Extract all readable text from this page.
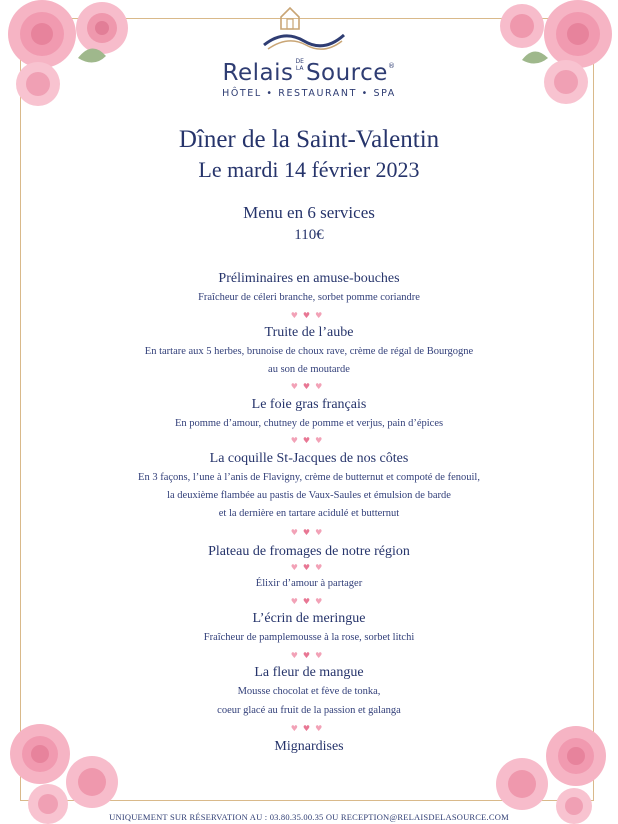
Relais DE
LA Source®
HÔTEL • RESTAURANT • SPA
Dîner de la Saint-Valentin
Le mardi 14 février 2023
Menu en 6 services
110€
Préliminaires en amuse-bouches
Fraîcheur de céleri branche, sorbet pomme coriandre
♥♥♥
Truite de l’aube
En tartare aux 5 herbes, brunoise de choux rave, crème de régal de Bourgogne
au son de moutarde
♥♥♥
Le foie gras français
En pomme d’amour, chutney de pomme et verjus, pain d’épices
♥♥♥
La coquille St-Jacques de nos côtes
En 3 façons, l’une à l’anis de Flavigny, crème de butternut et compoté de fenouil,
la deuxième flambée au pastis de Vaux-Saules et émulsion de barde
et la dernière en tartare acidulé et butternut
♥♥♥
Plateau de fromages de notre région
♥♥♥
Élixir d’amour à partager
♥♥♥
L’écrin de meringue
Fraîcheur de pamplemousse à la rose, sorbet litchi
♥♥♥
La fleur de mangue
Mousse chocolat et fève de tonka,
coeur glacé au fruit de la passion et galanga
♥♥♥
Mignardises
UNIQUEMENT SUR RÉSERVATION AU : 03.80.35.00.35 OU RECEPTION@RELAISDELASOURCE.COM
